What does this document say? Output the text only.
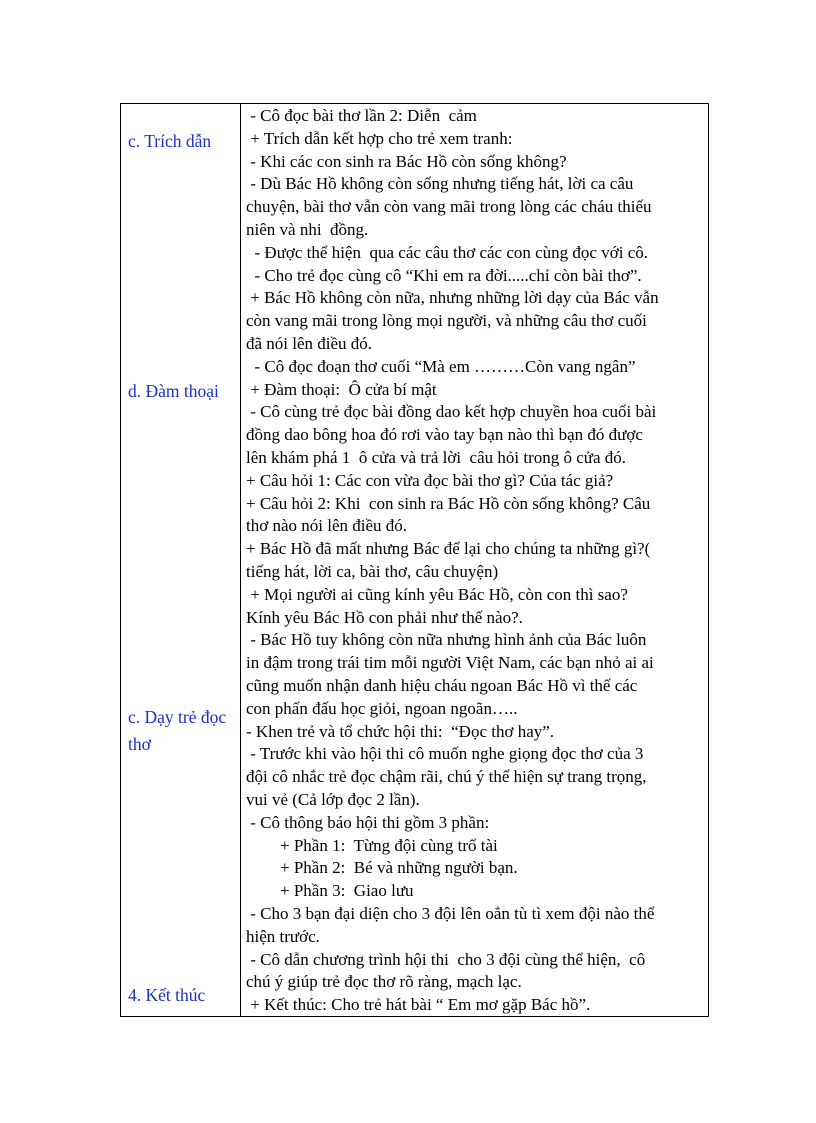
c. Trích dẫn
d. Đàm thoại
c. Dạy trẻ đọc
thơ
4. Kết thúc
- Cô đọc bài thơ lần 2: Diễn  cảm
+ Trích dẫn kết hợp cho trẻ xem tranh:
- Khi các con sinh ra Bác Hồ còn sống không?
- Dù Bác Hồ không còn sống nhưng tiếng hát, lời ca câu
chuyện, bài thơ vẫn còn vang mãi trong lòng các cháu thiếu
niên và nhi  đồng.
- Được thể hiện  qua các câu thơ các con cùng đọc với cô.
- Cho trẻ đọc cùng cô “Khi em ra đời.....chỉ còn bài thơ”.
+ Bác Hồ không còn nữa, nhưng những lời dạy của Bác vẫn
còn vang mãi trong lòng mọi người, và những câu thơ cuối
đã nói lên điều đó.
- Cô đọc đoạn thơ cuối “Mà em ………Còn vang ngân”
+ Đàm thoại:  Ô cửa bí mật
- Cô cùng trẻ đọc bài đồng dao kết hợp chuyền hoa cuối bài
đồng dao bông hoa đó rơi vào tay bạn nào thì bạn đó được
lên khám phá 1  ô cửa và trả lời  câu hỏi trong ô cửa đó.
+ Câu hỏi 1: Các con vừa đọc bài thơ gì? Của tác giả?
+ Câu hỏi 2: Khi  con sinh ra Bác Hồ còn sống không? Câu
thơ nào nói lên điều đó.
+ Bác Hồ đã mất nhưng Bác để lại cho chúng ta những gì?(
tiếng hát, lời ca, bài thơ, câu chuyện)
+ Mọi người ai cũng kính yêu Bác Hồ, còn con thì sao?
Kính yêu Bác Hồ con phải như thế nào?.
- Bác Hồ tuy không còn nữa nhưng hình ảnh của Bác luôn
in đậm trong trái tim mỗi người Việt Nam, các bạn nhỏ ai ai
cũng muốn nhận danh hiệu cháu ngoan Bác Hồ vì thế các
con phấn đấu học giỏi, ngoan ngoãn…..
- Khen trẻ và tổ chức hội thi:  “Đọc thơ hay”.
- Trước khi vào hội thi cô muốn nghe giọng đọc thơ của 3
đội cô nhắc trẻ đọc chậm rãi, chú ý thể hiện sự trang trọng,
vui vẻ (Cả lớp đọc 2 lần).
- Cô thông báo hội thi gồm 3 phần:
+ Phần 1:  Từng đội cùng trổ tài
+ Phần 2:  Bé và những người bạn.
+ Phần 3:  Giao lưu
- Cho 3 bạn đại diện cho 3 đội lên oẳn tù tì xem đội nào thể
hiện trước.
- Cô dẫn chương trình hội thi  cho 3 đội cùng thể hiện,  cô
chú ý giúp trẻ đọc thơ rõ ràng, mạch lạc.
+ Kết thúc: Cho trẻ hát bài “ Em mơ gặp Bác hồ”.
